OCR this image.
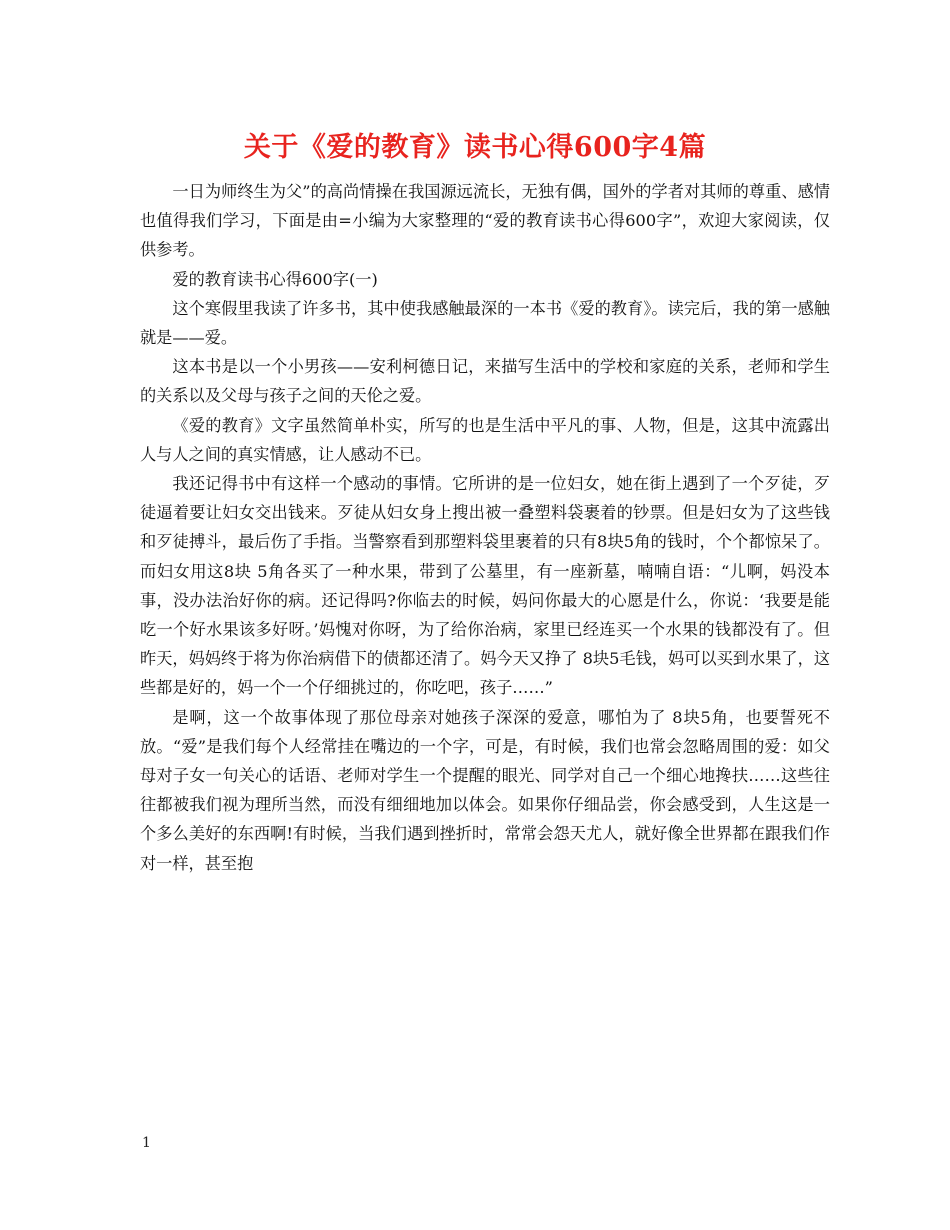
关于《爱的教育》读书心得600字4篇

一日为师终生为父”的高尚情操在我国源远流长，无独有偶，国外的学者对其师的尊重、感情也值得我们学习，下面是由=小编为大家整理的“爱的教育读书心得600字”，欢迎大家阅读，仅供参考。

爱的教育读书心得600字(一)

这个寒假里我读了许多书，其中使我感触最深的一本书《爱的教育》。读完后，我的第一感触就是——爱。

这本书是以一个小男孩——安利柯德日记，来描写生活中的学校和家庭的关系，老师和学生的关系以及父母与孩子之间的天伦之爱。

《爱的教育》文字虽然简单朴实，所写的也是生活中平凡的事、人物，但是，这其中流露出人与人之间的真实情感，让人感动不已。

我还记得书中有这样一个感动的事情。它所讲的是一位妇女，她在街上遇到了一个歹徒，歹徒逼着要让妇女交出钱来。歹徒从妇女身上搜出被一叠塑料袋裹着的钞票。但是妇女为了这些钱和歹徒搏斗，最后伤了手指。当警察看到那塑料袋里裹着的只有8块5角的钱时，个个都惊呆了。而妇女用这8块 5角各买了一种水果，带到了公墓里，有一座新墓，喃喃自语：“儿啊，妈没本事，没办法治好你的病。还记得吗?你临去的时候，妈问你最大的心愿是什么，你说：‘我要是能吃一个好水果该多好呀。’妈愧对你呀，为了给你治病，家里已经连买一个水果的钱都没有了。但昨天，妈妈终于将为你治病借下的债都还清了。妈今天又挣了 8块5毛钱，妈可以买到水果了，这些都是好的，妈一个一个仔细挑过的，你吃吧，孩子……”

是啊，这一个故事体现了那位母亲对她孩子深深的爱意，哪怕为了 8块5角，也要誓死不放。“爱”是我们每个人经常挂在嘴边的一个字，可是，有时候，我们也常会忽略周围的爱：如父母对子女一句关心的话语、老师对学生一个提醒的眼光、同学对自己一个细心地搀扶……这些往往都被我们视为理所当然，而没有细细地加以体会。如果你仔细品尝，你会感受到，人生这是一个多么美好的东西啊!有时候，当我们遇到挫折时，常常会怨天尤人，就好像全世界都在跟我们作对一样，甚至抱

1
